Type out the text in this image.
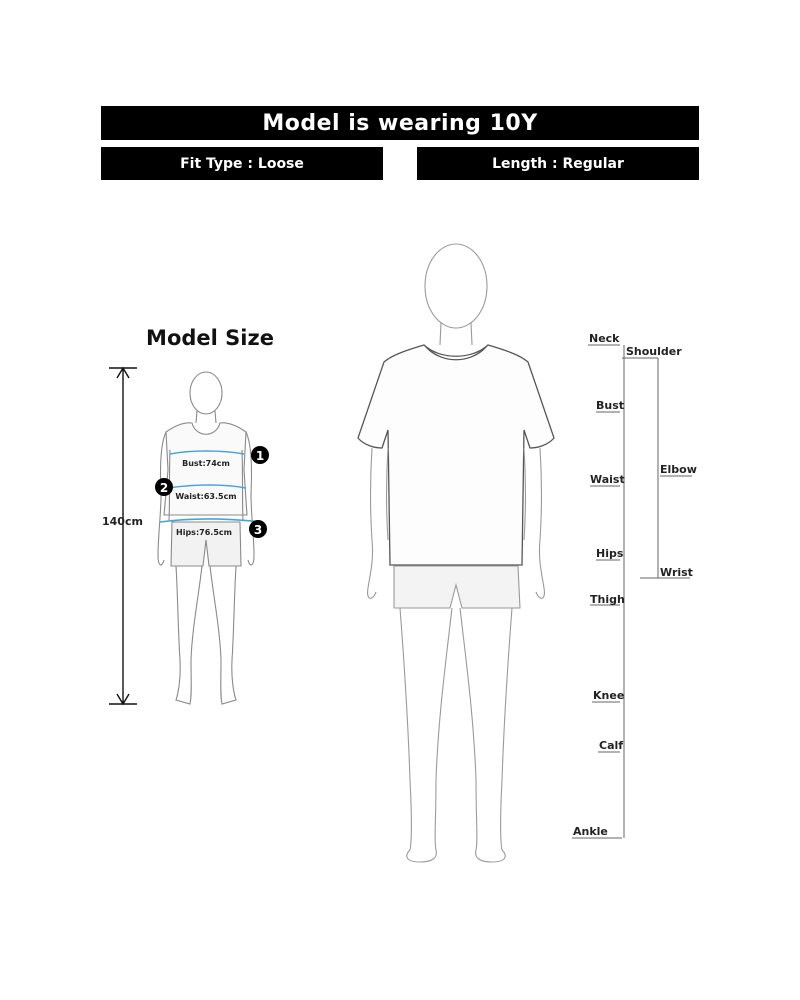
Model is wearing 10Y
Fit Type : Loose	Length : Regular
Model Size
Bust:74cm
Waist:63.5cm
Hips:76.5cm
1
2
3
140cm
Neck
Bust
Waist
Hips
Thigh
Knee
Calf
Ankle
Shoulder
Elbow
Wrist
